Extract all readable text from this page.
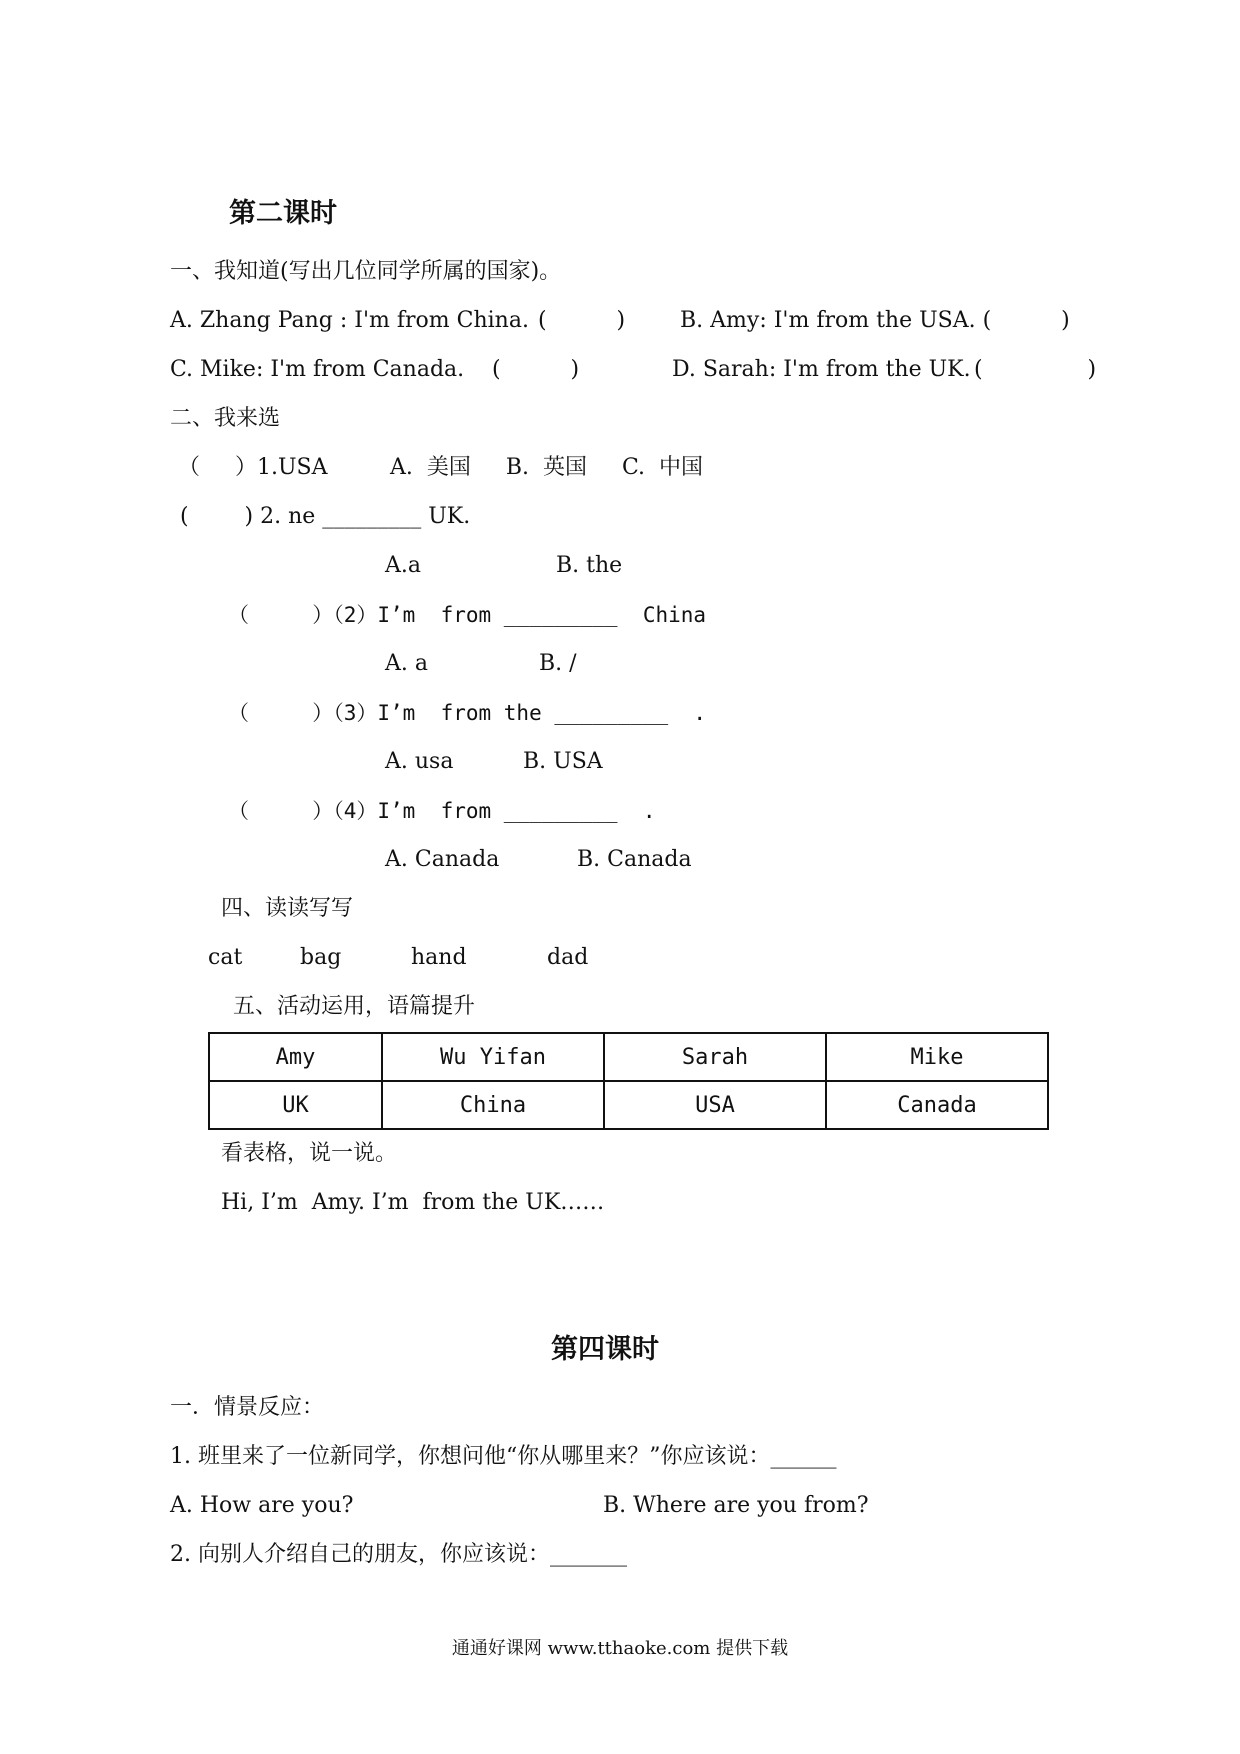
第二课时
一、我知道(写出几位同学所属的国家)。
A. Zhang Pang : I'm from China. (          ) B. Amy: I'm from the USA. (          )
C. Mike: I'm from Canada. (          )	D. Sarah: I'm from the UK. (               )
二、我来选
（     ）1.USA	A.  美国     B.  英国     C.  中国
(        ) 2. ne _________ UK.
A.a	B. the
（     ）（2）I’m  from _________  China
A. a	B. /
（     ）（3）I’m  from the _________  .
A. usa	B. USA
（     ）（4）I’m  from _________  .
A. Canada	B. Canada
四、读读写写
cat	bag	hand	dad
五、活动运用，语篇提升
Amy	Wu Yifan	Sarah	Mike
UK	China	USA	Canada
看表格，说一说。
Hi, I’m  Amy. I’m  from the UK……
第四课时
一．情景反应：
1. 班里来了一位新同学，你想问他“你从哪里来？”你应该说：______
A. How are you?	B. Where are you from?
2. 向别人介绍自己的朋友，你应该说：_______
通通好课网 www.tthaoke.com 提供下载
